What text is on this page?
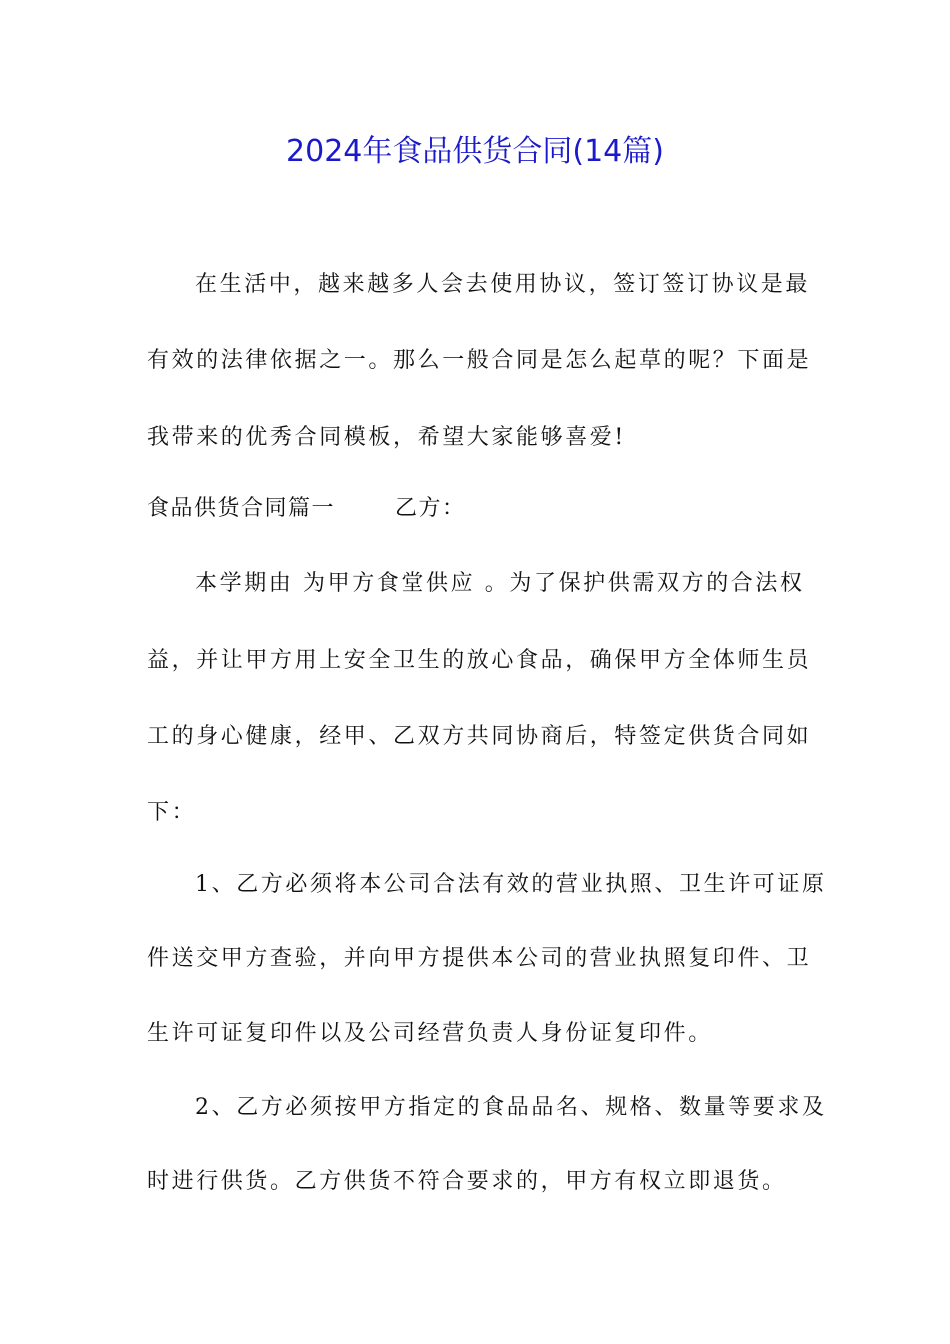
2024年食品供货合同(14篇)
在生活中，越来越多人会去使用协议，签订签订协议是最
有效的法律依据之一。那么一般合同是怎么起草的呢？下面是
我带来的优秀合同模板，希望大家能够喜爱!
食品供货合同篇一	乙方：
本学期由 为甲方食堂供应 。为了保护供需双方的合法权
益，并让甲方用上安全卫生的放心食品，确保甲方全体师生员
工的身心健康，经甲、乙双方共同协商后，特签定供货合同如
下：
1、乙方必须将本公司合法有效的营业执照、卫生许可证原
件送交甲方查验，并向甲方提供本公司的营业执照复印件、卫
生许可证复印件以及公司经营负责人身份证复印件。
2、乙方必须按甲方指定的食品品名、规格、数量等要求及
时进行供货。乙方供货不符合要求的，甲方有权立即退货。
